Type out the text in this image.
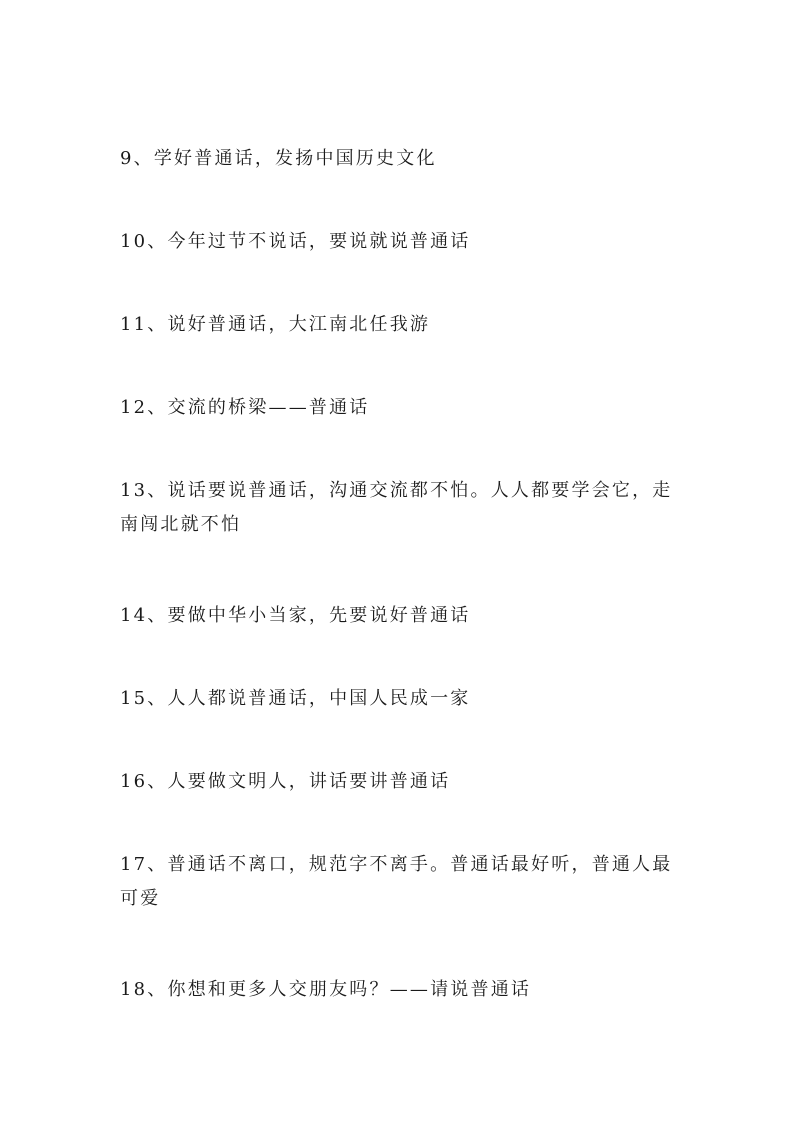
9、学好普通话，发扬中国历史文化

10、今年过节不说话，要说就说普通话

11、说好普通话，大江南北任我游

12、交流的桥梁——普通话

13、说话要说普通话，沟通交流都不怕。人人都要学会它，走南闯北就不怕

14、要做中华小当家，先要说好普通话

15、人人都说普通话，中国人民成一家

16、人要做文明人，讲话要讲普通话

17、普通话不离口，规范字不离手。普通话最好听，普通人最可爱

18、你想和更多人交朋友吗？——请说普通话
